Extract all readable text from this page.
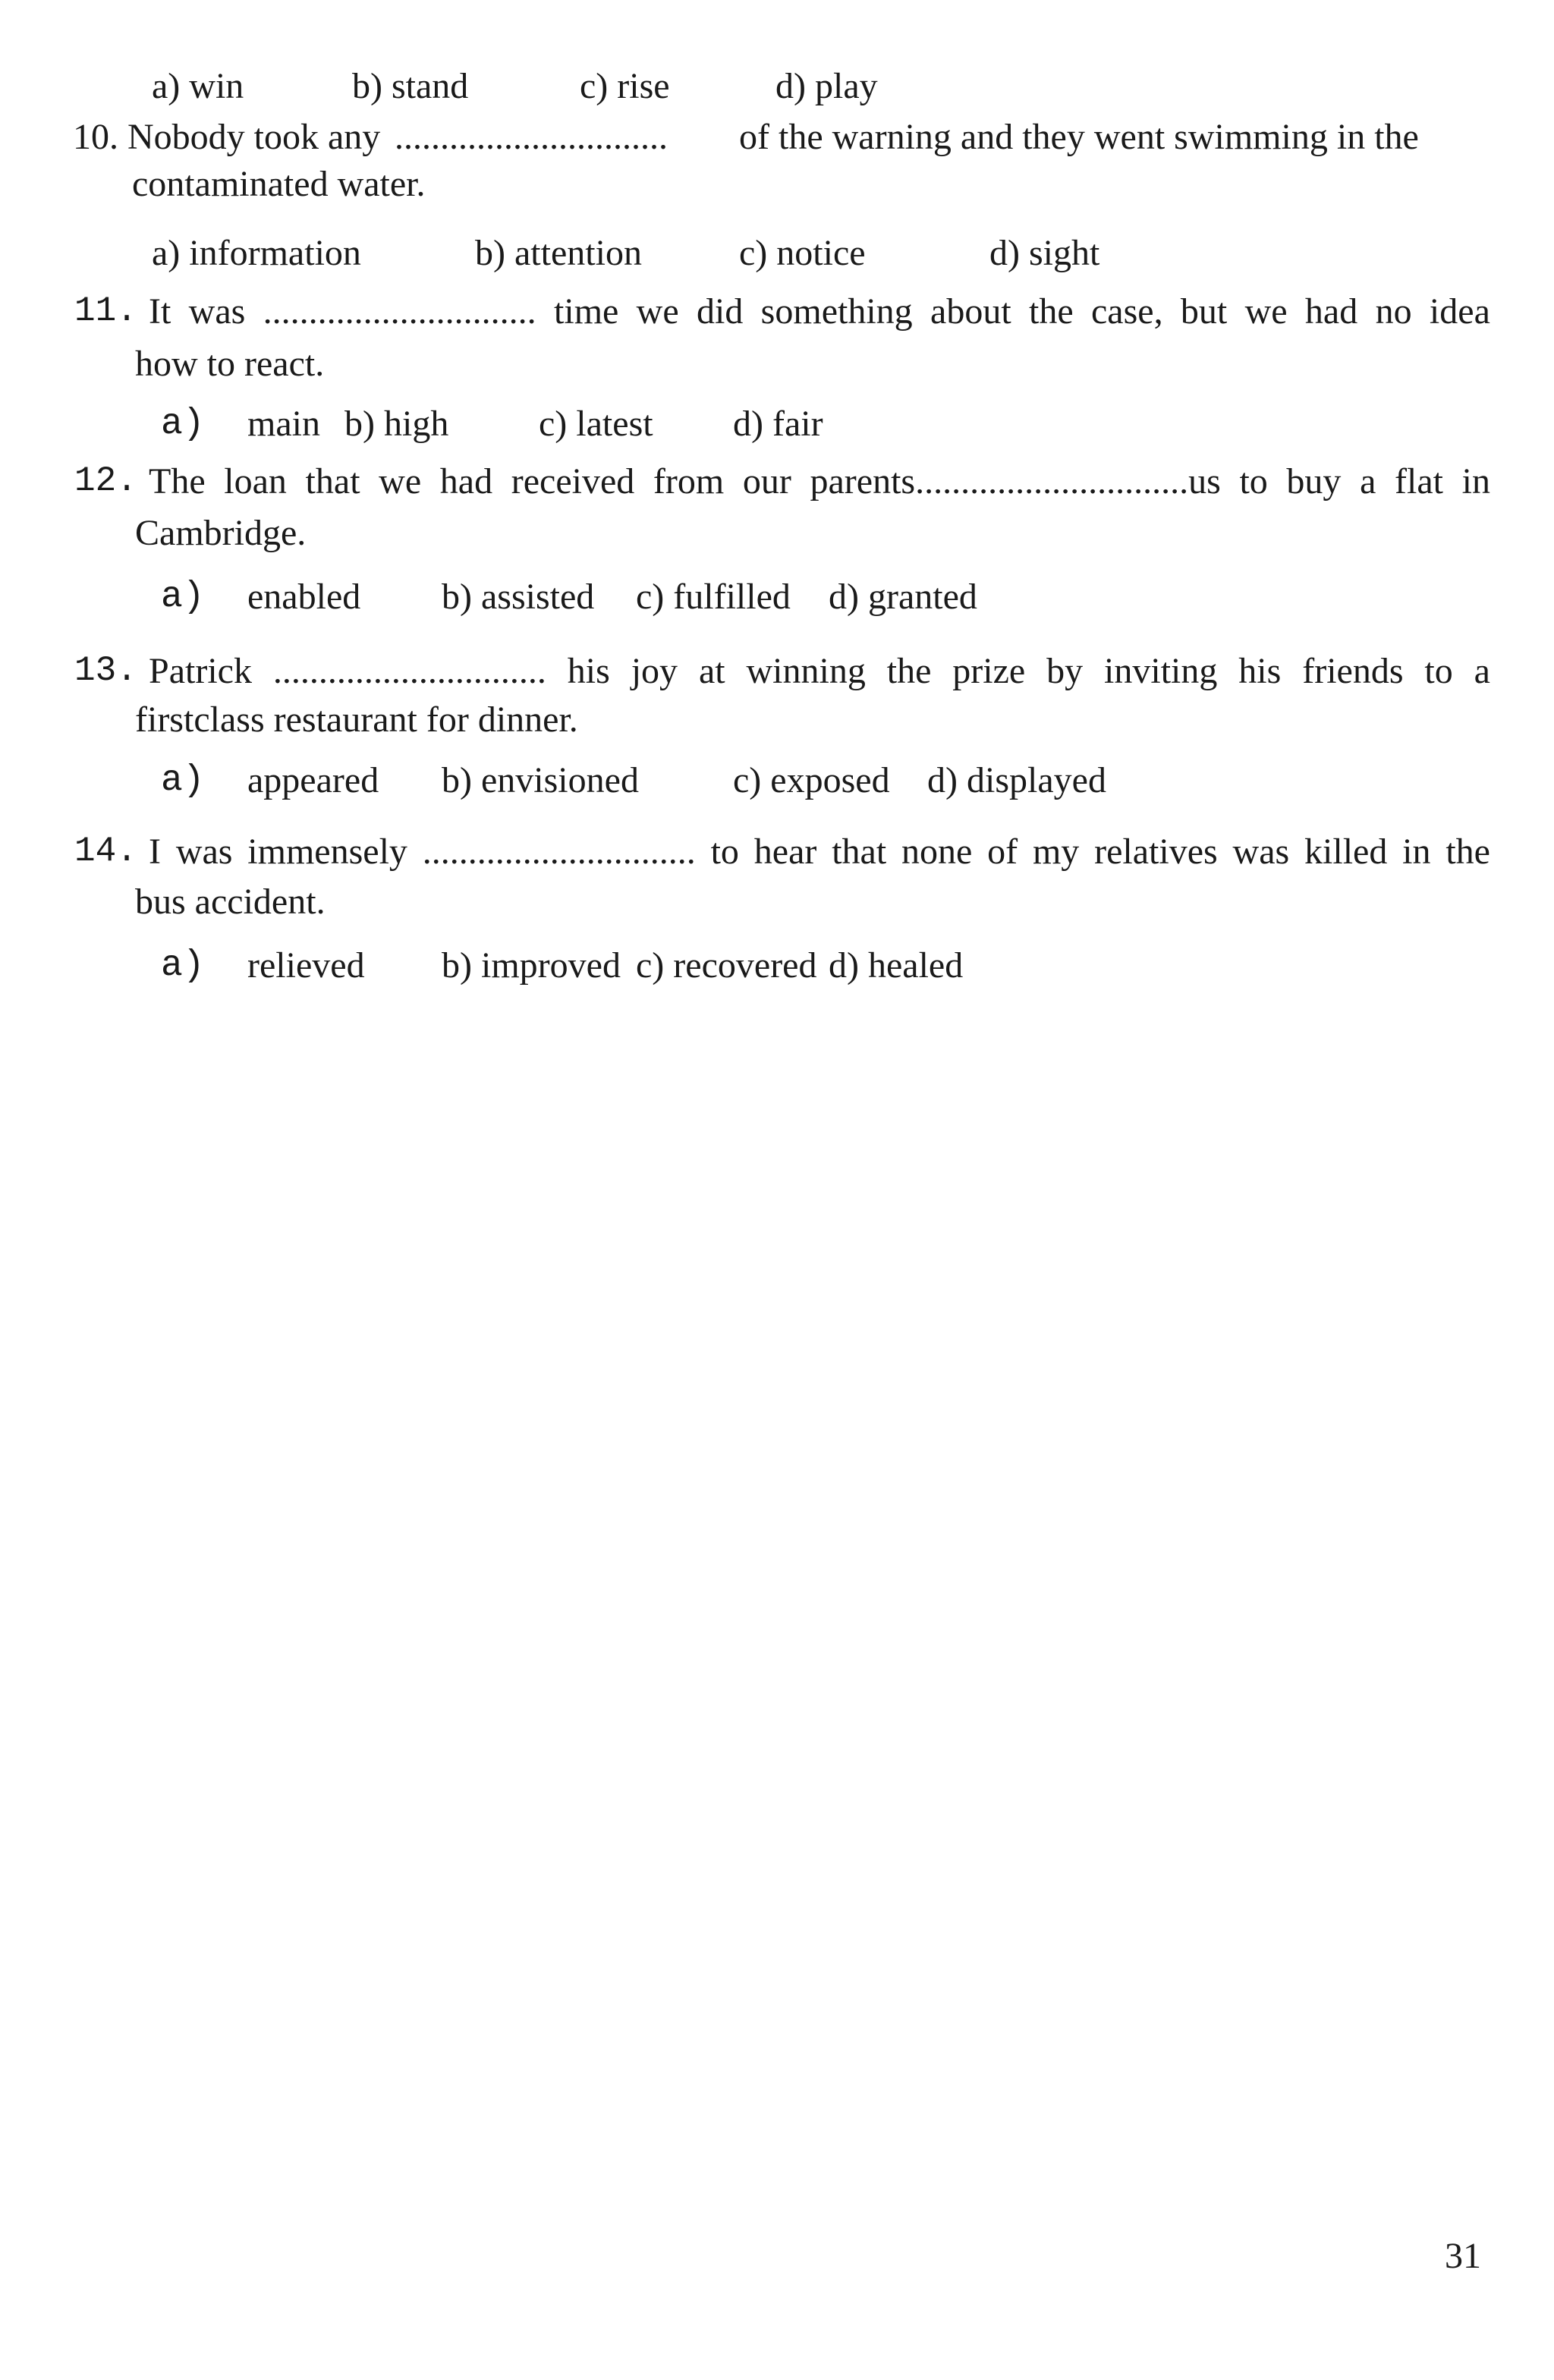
a) win	b) stand	c) rise	d) play
10. Nobody took any .............................. of the warning and they went swimming in the
contaminated water.
a) information	b) attention	c) notice	d) sight
11. It was .............................. time we did something about the case, but we had no idea
how to react.
a) main b) high c) latest d) fair
12. The loan that we had received from our parents..............................us to buy a flat in
Cambridge.
a) enabled b) assisted c) fulfilled d) granted
13. Patrick .............................. his joy at winning the prize by inviting his friends to a
firstclass restaurant for dinner.
a) appeared b) envisioned	c) exposed d) displayed
14. I was immensely .............................. to hear that none of my relatives was killed in the
bus accident.
a) relieved b) improved c) recovered d) healed
31
